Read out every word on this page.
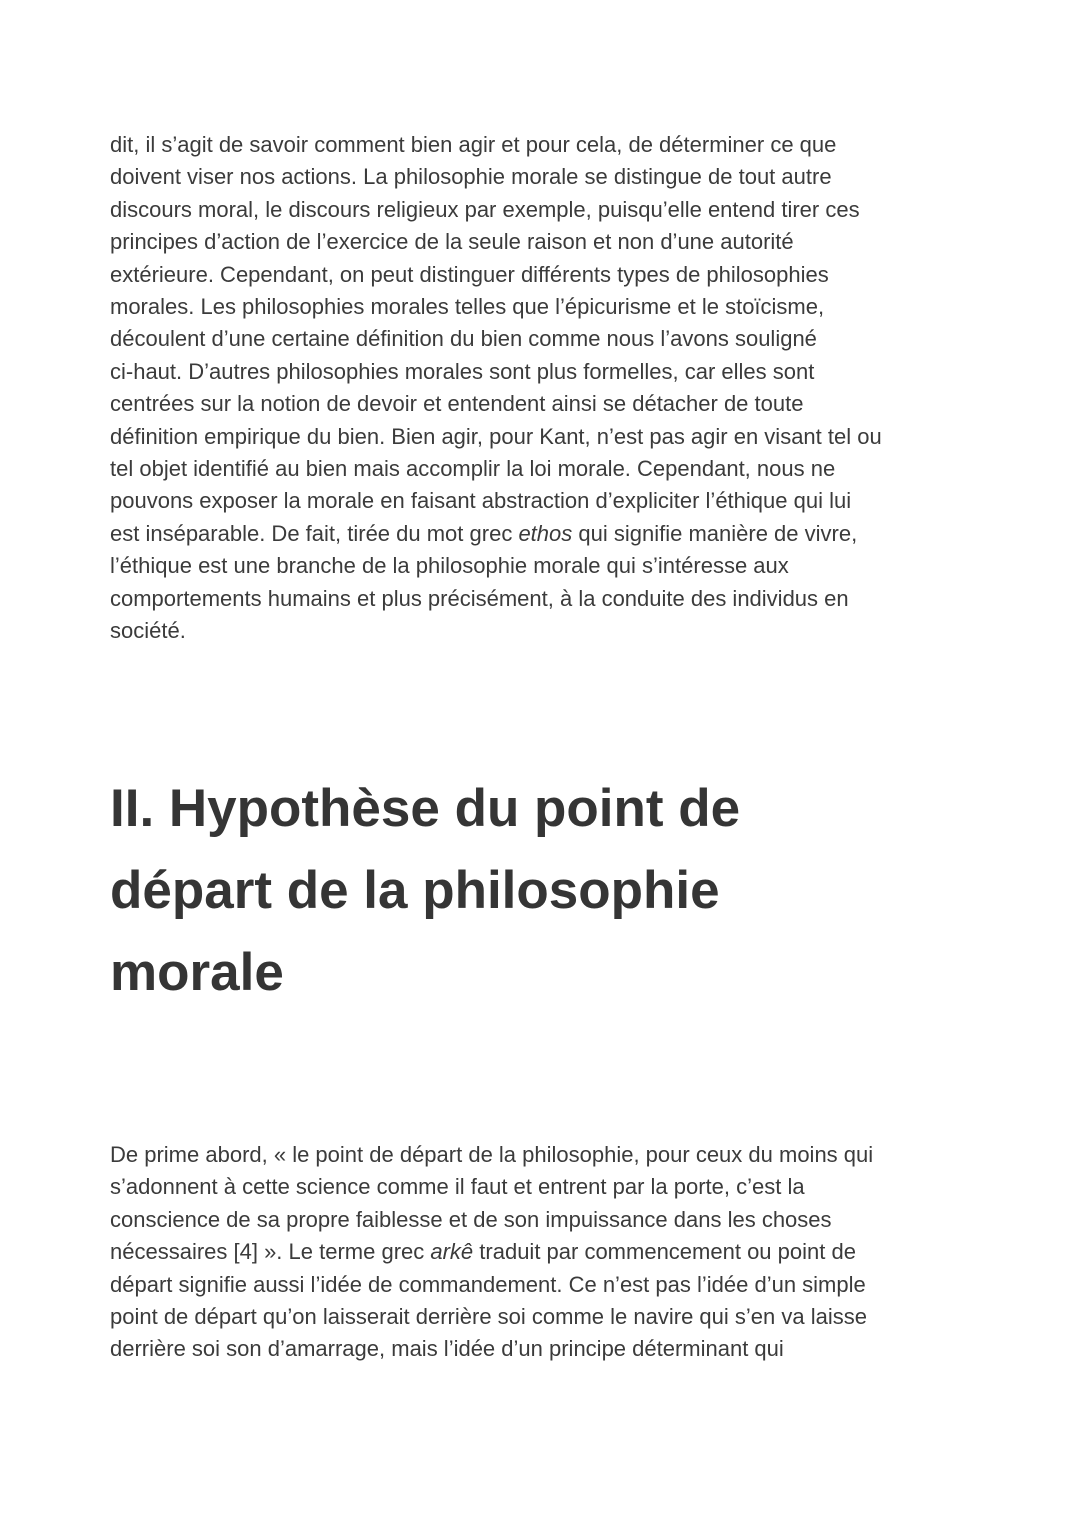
dit, il s’agit de savoir comment bien agir et pour cela, de déterminer ce que
doivent viser nos actions. La philosophie morale se distingue de tout autre
discours moral, le discours religieux par exemple, puisqu’elle entend tirer ces
principes d’action de l’exercice de la seule raison et non d’une autorité
extérieure. Cependant, on peut distinguer différents types de philosophies
morales. Les philosophies morales telles que l’épicurisme et le stoïcisme,
découlent d’une certaine définition du bien comme nous l’avons souligné
ci-haut. D’autres philosophies morales sont plus formelles, car elles sont
centrées sur la notion de devoir et entendent ainsi se détacher de toute
définition empirique du bien. Bien agir, pour Kant, n’est pas agir en visant tel ou
tel objet identifié au bien mais accomplir la loi morale. Cependant, nous ne
pouvons exposer la morale en faisant abstraction d’expliciter l’éthique qui lui
est inséparable. De fait, tirée du mot grec ethos qui signifie manière de vivre,
l’éthique est une branche de la philosophie morale qui s’intéresse aux
comportements humains et plus précisément, à la conduite des individus en
société.

II. Hypothèse du point de
départ de la philosophie
morale

De prime abord, « le point de départ de la philosophie, pour ceux du moins qui
s’adonnent à cette science comme il faut et entrent par la porte, c’est la
conscience de sa propre faiblesse et de son impuissance dans les choses
nécessaires [4] ». Le terme grec arkê traduit par commencement ou point de
départ signifie aussi l’idée de commandement. Ce n’est pas l’idée d’un simple
point de départ qu’on laisserait derrière soi comme le navire qui s’en va laisse
derrière soi son d’amarrage, mais l’idée d’un principe déterminant qui
